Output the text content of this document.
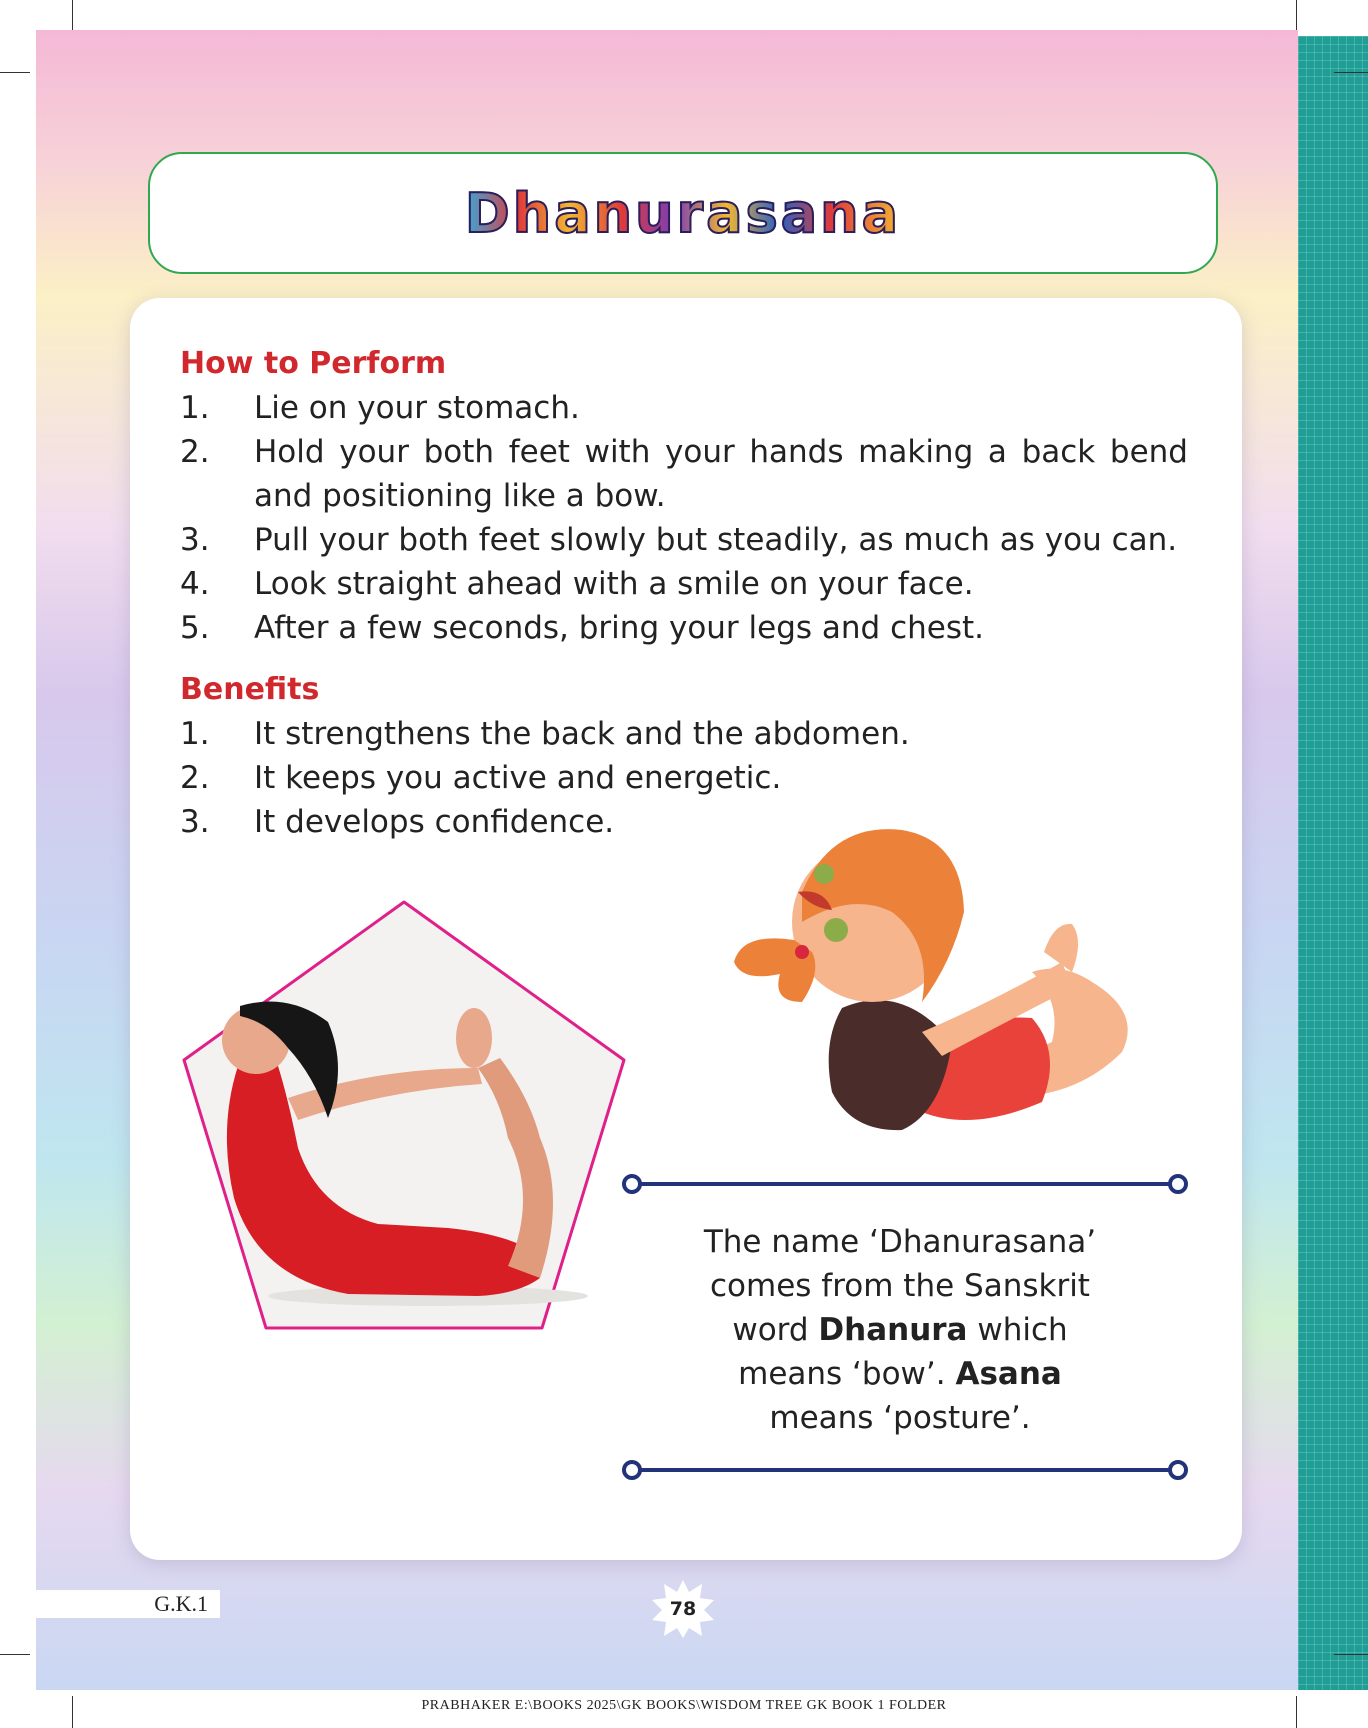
Dhanurasana
How to Perform
1. Lie on your stomach.
2. Hold your both feet with your hands making a back bend and positioning like a bow.
3. Pull your both feet slowly but steadily, as much as you can.
4. Look straight ahead with a smile on your face.
5. After a few seconds, bring your legs and chest.
Benefits
1. It strengthens the back and the abdomen.
2. It keeps you active and energetic.
3. It develops confidence.
The name ‘Dhanurasana’
comes from the Sanskrit
word Dhanura which
means ‘bow’. Asana
means ‘posture’.
G.K.1	78
PRABHAKER E:\BOOKS 2025\GK BOOKS\WISDOM TREE GK BOOK 1 FOLDER
